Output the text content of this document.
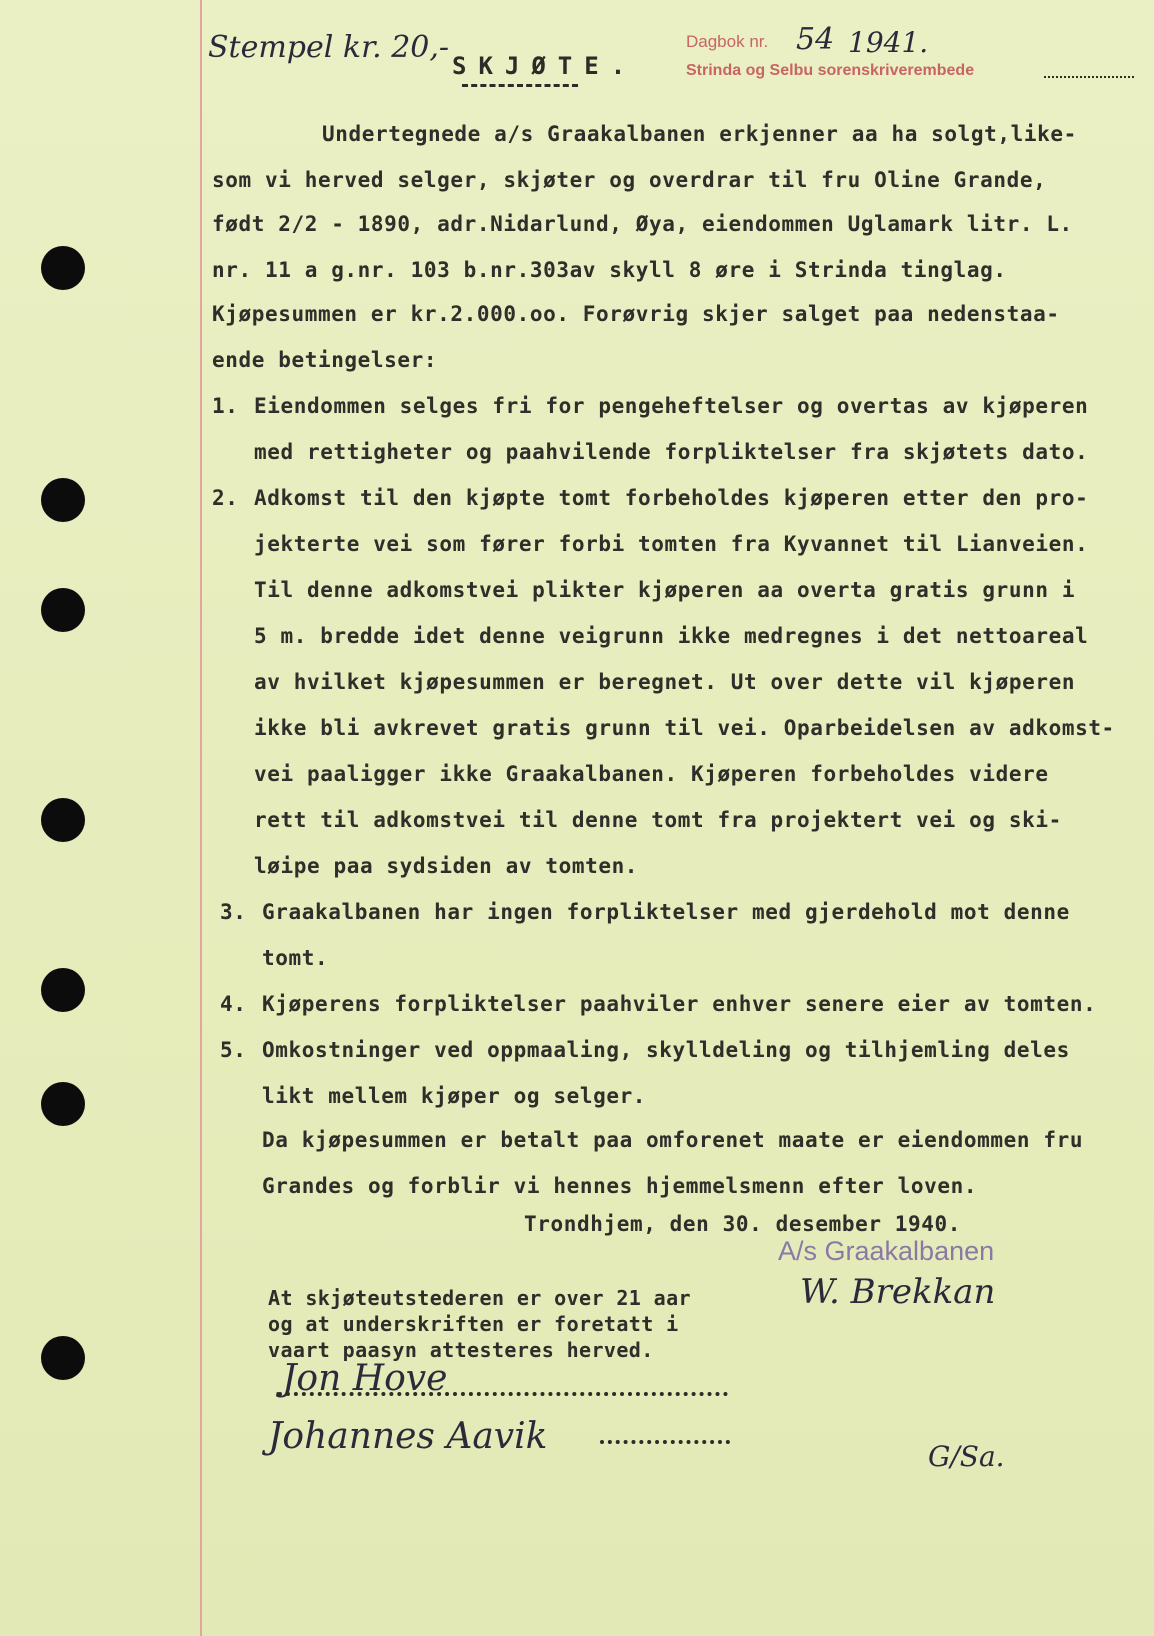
Stempel kr. 20,-
SKJØTE.
Dagbok nr. 54 1941.
Strinda og Selbu sorenskriverembede
Undertegnede a/s Graakalbanen erkjenner aa ha solgt,like-
som vi herved selger, skjøter og overdrar til fru Oline Grande,
født 2/2 - 1890, adr.Nidarlund, Øya, eiendommen Uglamark litr. L.
nr. 11 a g.nr. 103 b.nr.303av skyll 8 øre i Strinda tinglag.
Kjøpesummen er kr.2.000.oo. Forøvrig skjer salget paa nedenstaa-
ende betingelser:
1. Eiendommen selges fri for pengeheftelser og overtas av kjøperen
med rettigheter og paahvilende forpliktelser fra skjøtets dato.
2. Adkomst til den kjøpte tomt forbeholdes kjøperen etter den pro-
jekterte vei som fører forbi tomten fra Kyvannet til Lianveien.
Til denne adkomstvei plikter kjøperen aa overta gratis grunn i
5 m. bredde idet denne veigrunn ikke medregnes i det nettoareal
av hvilket kjøpesummen er beregnet. Ut over dette vil kjøperen
ikke bli avkrevet gratis grunn til vei. Oparbeidelsen av adkomst-
vei paaligger ikke Graakalbanen. Kjøperen forbeholdes videre
rett til adkomstvei til denne tomt fra projektert vei og ski-
løipe paa sydsiden av tomten.
3. Graakalbanen har ingen forpliktelser med gjerdehold mot denne
tomt.
4. Kjøperens forpliktelser paahviler enhver senere eier av tomten.
5. Omkostninger ved oppmaaling, skylldeling og tilhjemling deles
likt mellem kjøper og selger.
Da kjøpesummen er betalt paa omforenet maate er eiendommen fru
Grandes og forblir vi hennes hjemmelsmenn efter loven.
Trondhjem, den 30. desember 1940.
A/s Graakalbanen
W. Brekkan
At skjøteutstederen er over 21 aar
og at underskriften er foretatt i
vaart paasyn attesteres herved.
Jon Hove
Johannes Aavik	G/Sa.
